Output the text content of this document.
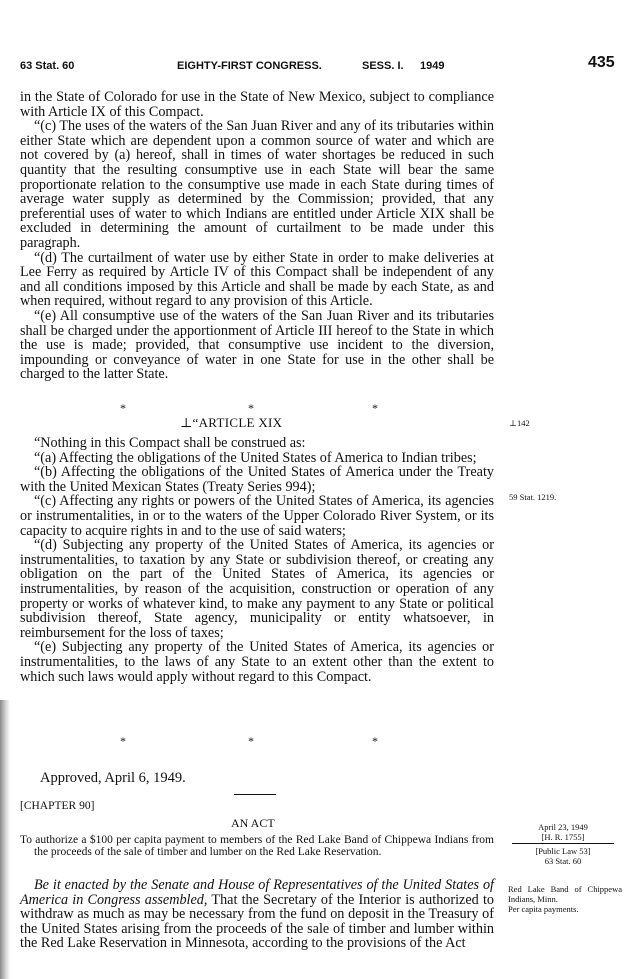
63 Stat. 60	EIGHTY-FIRST CONGRESS.	SESS. I. 1949	435

in the State of Colorado for use in the State of New Mexico, subject to compliance with Article IX of this Compact.

“(c) The uses of the waters of the San Juan River and any of its tributaries within either State which are dependent upon a common source of water and which are not covered by (a) hereof, shall in times of water shortages be reduced in such quantity that the resulting consumptive use in each State will bear the same proportionate relation to the consumptive use made in each State during times of average water supply as determined by the Commission; provided, that any preferential uses of water to which Indians are entitled under Article XIX shall be excluded in determining the amount of curtailment to be made under this paragraph.

“(d) The curtailment of water use by either State in order to make deliveries at Lee Ferry as required by Article IV of this Compact shall be independent of any and all conditions imposed by this Article and shall be made by each State, as and when required, without regard to any provision of this Article.

“(e) All consumptive use of the waters of the San Juan River and its tributaries shall be charged under the apportionment of Article III hereof to the State in which the use is made; provided, that consumptive use incident to the diversion, impounding or conveyance of water in one State for use in the other shall be charged to the latter State.

*	*	*
⊥“ARTICLE XIX	⊥142

“Nothing in this Compact shall be construed as:

“(a) Affecting the obligations of the United States of America to Indian tribes;

“(b) Affecting the obligations of the United States of America under the Treaty with the United Mexican States (Treaty Series 994);

“(c) Affecting any rights or powers of the United States of America, its agencies or instrumentalities, in or to the waters of the Upper Colorado River System, or its capacity to acquire rights in and to the use of said waters;

“(d) Subjecting any property of the United States of America, its agencies or instrumentalities, to taxation by any State or subdivision thereof, or creating any obligation on the part of the United States of America, its agencies or instrumentalities, by reason of the acquisition, construction or operation of any property or works of whatever kind, to make any payment to any State or political subdivision thereof, State agency, municipality or entity whatsoever, in reimbursement for the loss of taxes;

“(e) Subjecting any property of the United States of America, its agencies or instrumentalities, to the laws of any State to an extent other than the extent to which such laws would apply without regard to this Compact.

59 Stat. 1219.
*	*	*
Approved, April 6, 1949.
[CHAPTER 90]
AN ACT
To authorize a $100 per capita payment to members of the Red Lake Band of Chippewa Indians from the proceeds of the sale of timber and lumber on the Red Lake Reservation.
April 23, 1949
[H. R. 1755]
[Public Law 53]
63 Stat. 60
Be it enacted by the Senate and House of Representatives of the United States of America in Congress assembled, That the Secretary of the Interior is authorized to withdraw as much as may be necessary from the fund on deposit in the Treasury of the United States arising from the proceeds of the sale of timber and lumber within the Red Lake Reservation in Minnesota, according to the provisions of the Act
Red Lake Band of Chippewa Indians, Minn.
Per capita payments.
